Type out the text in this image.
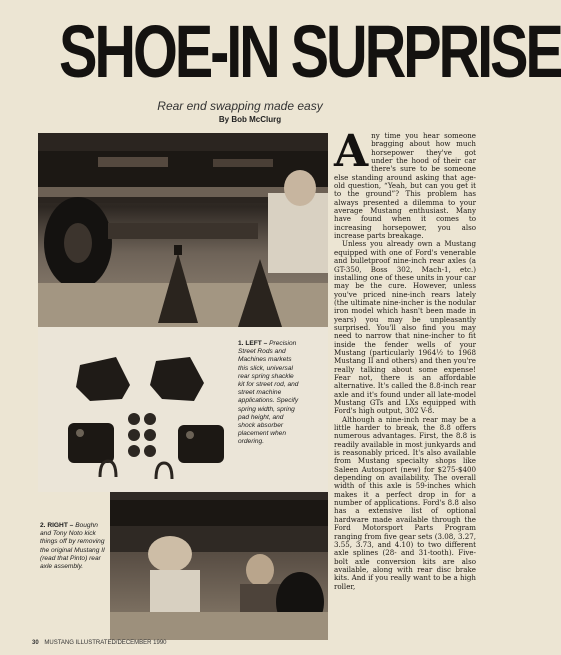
SHOE-IN SURPRISE
Rear end swapping made easy
By Bob McClurg
1. LEFT – Precision Street Rods and Machines markets this slick, universal rear spring shackle kit for street rod, and street machine applications. Specify spring width, spring pad height, and shock absorber placement when ordering.
2. RIGHT – Boughn and Tony Noto kick things off by removing the original Mustang II (read that Pinto) rear axle assembly.

Any time you hear someone bragging about how much horsepower they've got under the hood of their car there's sure to be someone else standing around asking that age-old question, “Yeah, but can you get it to the ground”? This problem has always presented a dilemma to your average Mustang enthusiast. Many have found when it comes to increasing horsepower, you also increase parts breakage.

Unless you already own a Mustang equipped with one of Ford's venerable and bulletproof nine-inch rear axles (a GT-350, Boss 302, Mach-1, etc.) installing one of these units in your car may be the cure. However, unless you've priced nine-inch rears lately (the ultimate nine-incher is the nodular iron model which hasn't been made in years) you may be unpleasantly surprised. You'll also find you may need to narrow that nine-incher to fit inside the fender wells of your Mustang (particularly 1964½ to 1968 Mustang II and others) and then you're really talking about some expense! Fear not, there is an affordable alternative. It's called the 8.8-inch rear axle and it's found under all late-model Mustang GTs and LXs equipped with Ford's high output, 302 V-8.

Although a nine-inch rear may be a little harder to break, the 8.8 offers numerous advantages. First, the 8.8 is readily available in most junkyards and is reasonably priced. It's also available from Mustang specialty shops like Saleen Autosport (new) for $275-$400 depending on availability. The overall width of this axle is 59-inches which makes it a perfect drop in for a number of applications. Ford's 8.8 also has a extensive list of optional hardware made available through the Ford Motorsport Parts Program ranging from five gear sets (3.08, 3.27, 3.55, 3.73, and 4.10) to two different axle splines (28- and 31-tooth). Five-bolt axle conversion kits are also available, along with rear disc brake kits. And if you really want to be a high roller,

30 MUSTANG ILLUSTRATED/DECEMBER 1990
